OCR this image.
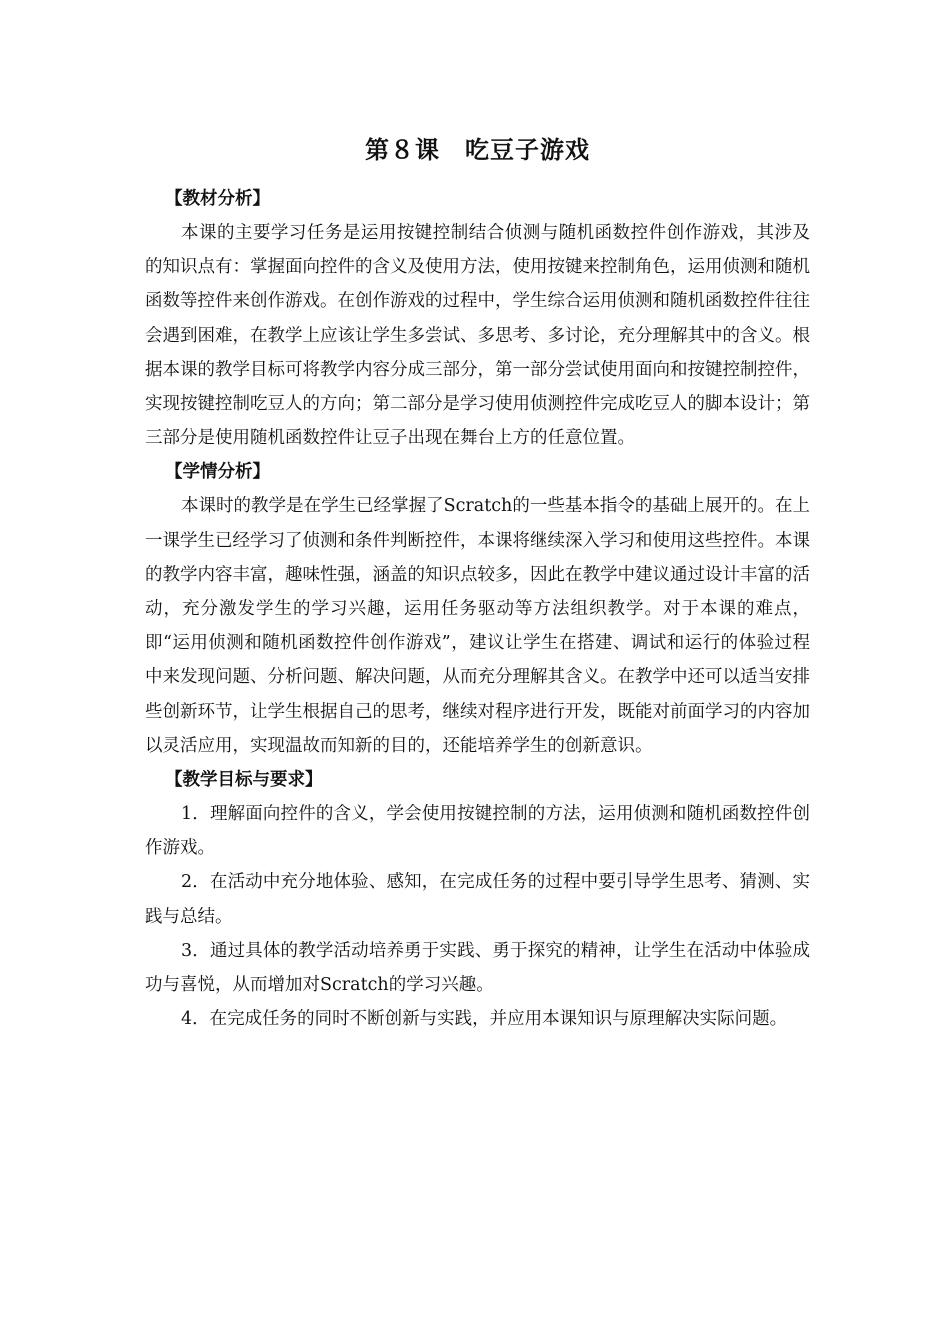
第８课　吃豆子游戏
【教材分析】

本课的主要学习任务是运用按键控制结合侦测与随机函数控件创作游戏，其涉及的知识点有：掌握面向控件的含义及使用方法，使用按键来控制角色，运用侦测和随机函数等控件来创作游戏。在创作游戏的过程中，学生综合运用侦测和随机函数控件往往会遇到困难，在教学上应该让学生多尝试、多思考、多讨论，充分理解其中的含义。根据本课的教学目标可将教学内容分成三部分，第一部分尝试使用面向和按键控制控件，实现按键控制吃豆人的方向；第二部分是学习使用侦测控件完成吃豆人的脚本设计；第三部分是使用随机函数控件让豆子出现在舞台上方的任意位置。

【学情分析】

本课时的教学是在学生已经掌握了Scratch的一些基本指令的基础上展开的。在上一课学生已经学习了侦测和条件判断控件，本课将继续深入学习和使用这些控件。本课的教学内容丰富，趣味性强，涵盖的知识点较多，因此在教学中建议通过设计丰富的活动，充分激发学生的学习兴趣，运用任务驱动等方法组织教学。对于本课的难点，即“运用侦测和随机函数控件创作游戏”，建议让学生在搭建、调试和运行的体验过程中来发现问题、分析问题、解决问题，从而充分理解其含义。在教学中还可以适当安排些创新环节，让学生根据自己的思考，继续对程序进行开发，既能对前面学习的内容加以灵活应用，实现温故而知新的目的，还能培养学生的创新意识。

【教学目标与要求】

1．理解面向控件的含义，学会使用按键控制的方法，运用侦测和随机函数控件创作游戏。

2．在活动中充分地体验、感知，在完成任务的过程中要引导学生思考、猜测、实践与总结。

3．通过具体的教学活动培养勇于实践、勇于探究的精神，让学生在活动中体验成功与喜悦，从而增加对Scratch的学习兴趣。

4．在完成任务的同时不断创新与实践，并应用本课知识与原理解决实际问题。
